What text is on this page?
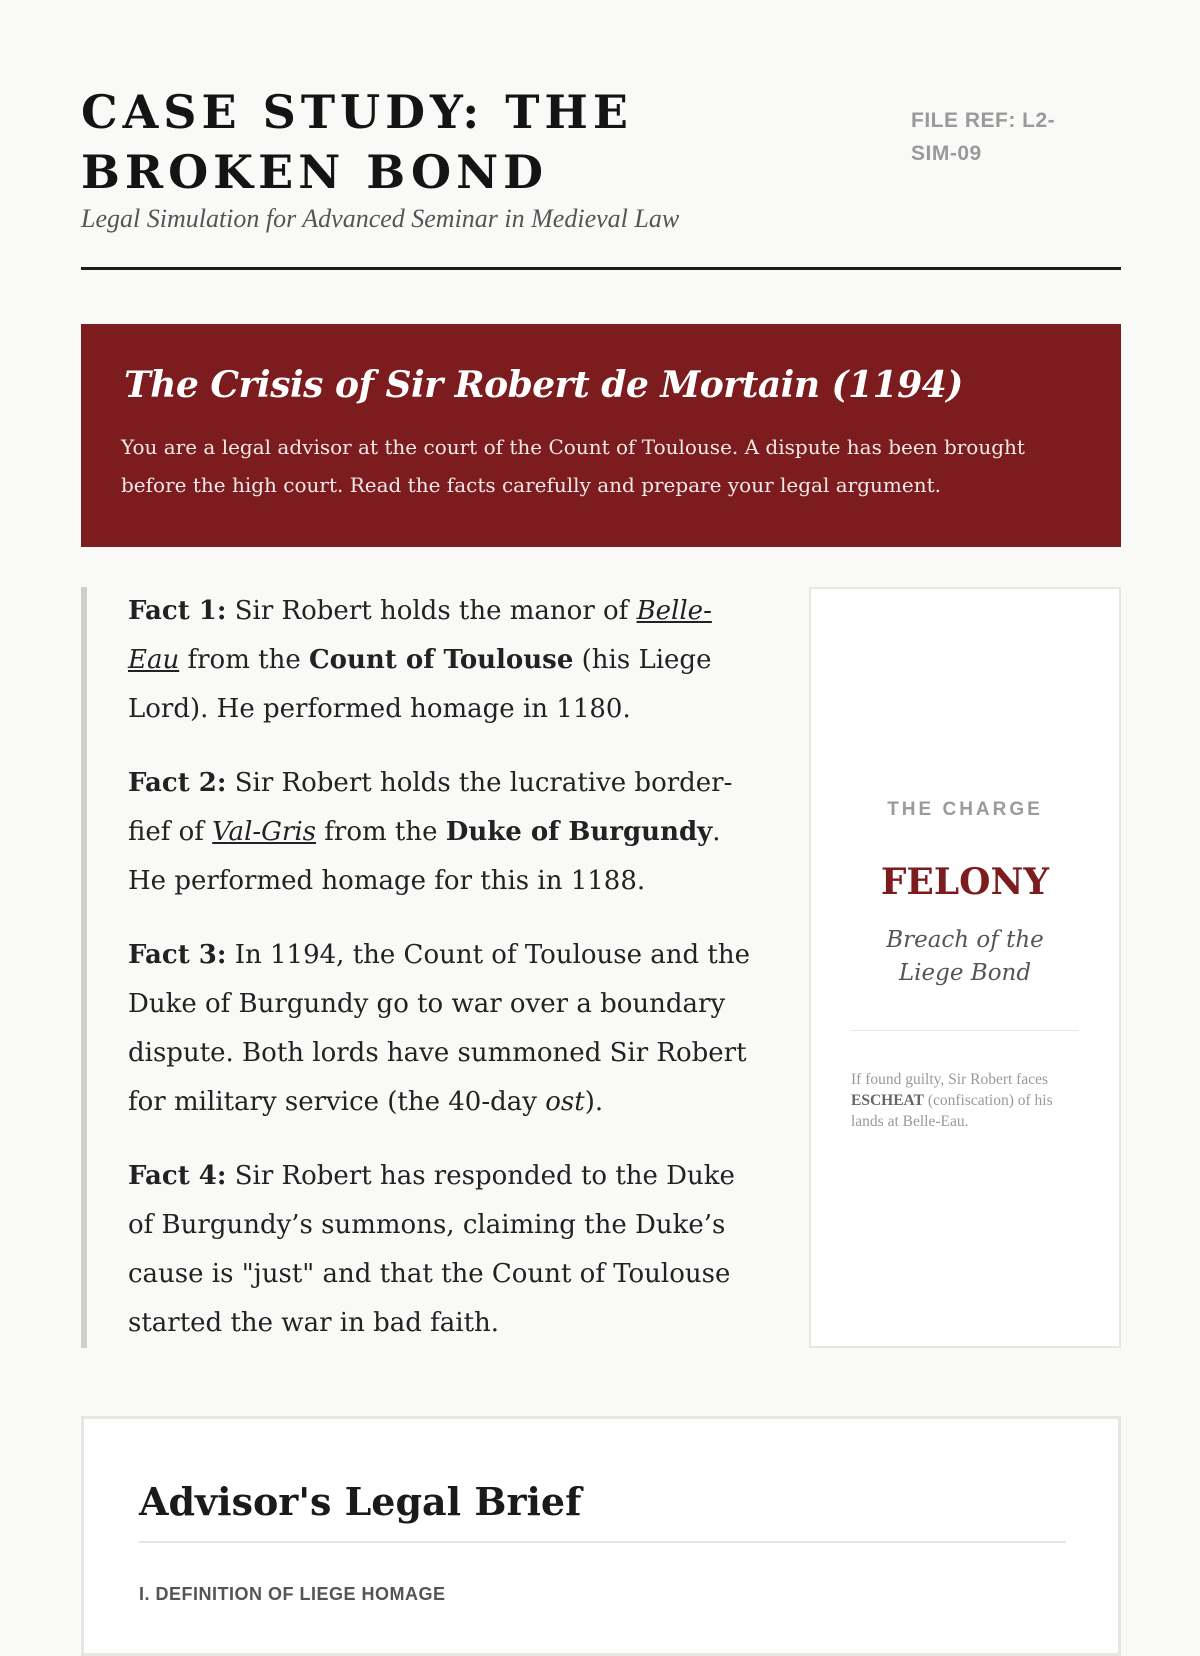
CASE STUDY: THE BROKEN BOND

Legal Simulation for Advanced Seminar in Medieval Law

FILE REF: L2-SIM-09
The Crisis of Sir Robert de Mortain (1194)

You are a legal advisor at the court of the Count of Toulouse. A dispute has been brought before the high court. Read the facts carefully and prepare your legal argument.

Fact 1: Sir Robert holds the manor of Belle-Eau from the Count of Toulouse (his Liege Lord). He performed homage in 1180.

Fact 2: Sir Robert holds the lucrative border-fief of Val-Gris from the Duke of Burgundy. He performed homage for this in 1188.

Fact 3: In 1194, the Count of Toulouse and the Duke of Burgundy go to war over a boundary dispute. Both lords have summoned Sir Robert for military service (the 40-day ost).

Fact 4: Sir Robert has responded to the Duke of Burgundy’s summons, claiming the Duke’s cause is "just" and that the Count of Toulouse started the war in bad faith.

THE CHARGE
FELONY
Breach of the Liege Bond
If found guilty, Sir Robert faces ESCHEAT (confiscation) of his lands at Belle-Eau.
Advisor's Legal Brief
I. DEFINITION OF LIEGE HOMAGE
